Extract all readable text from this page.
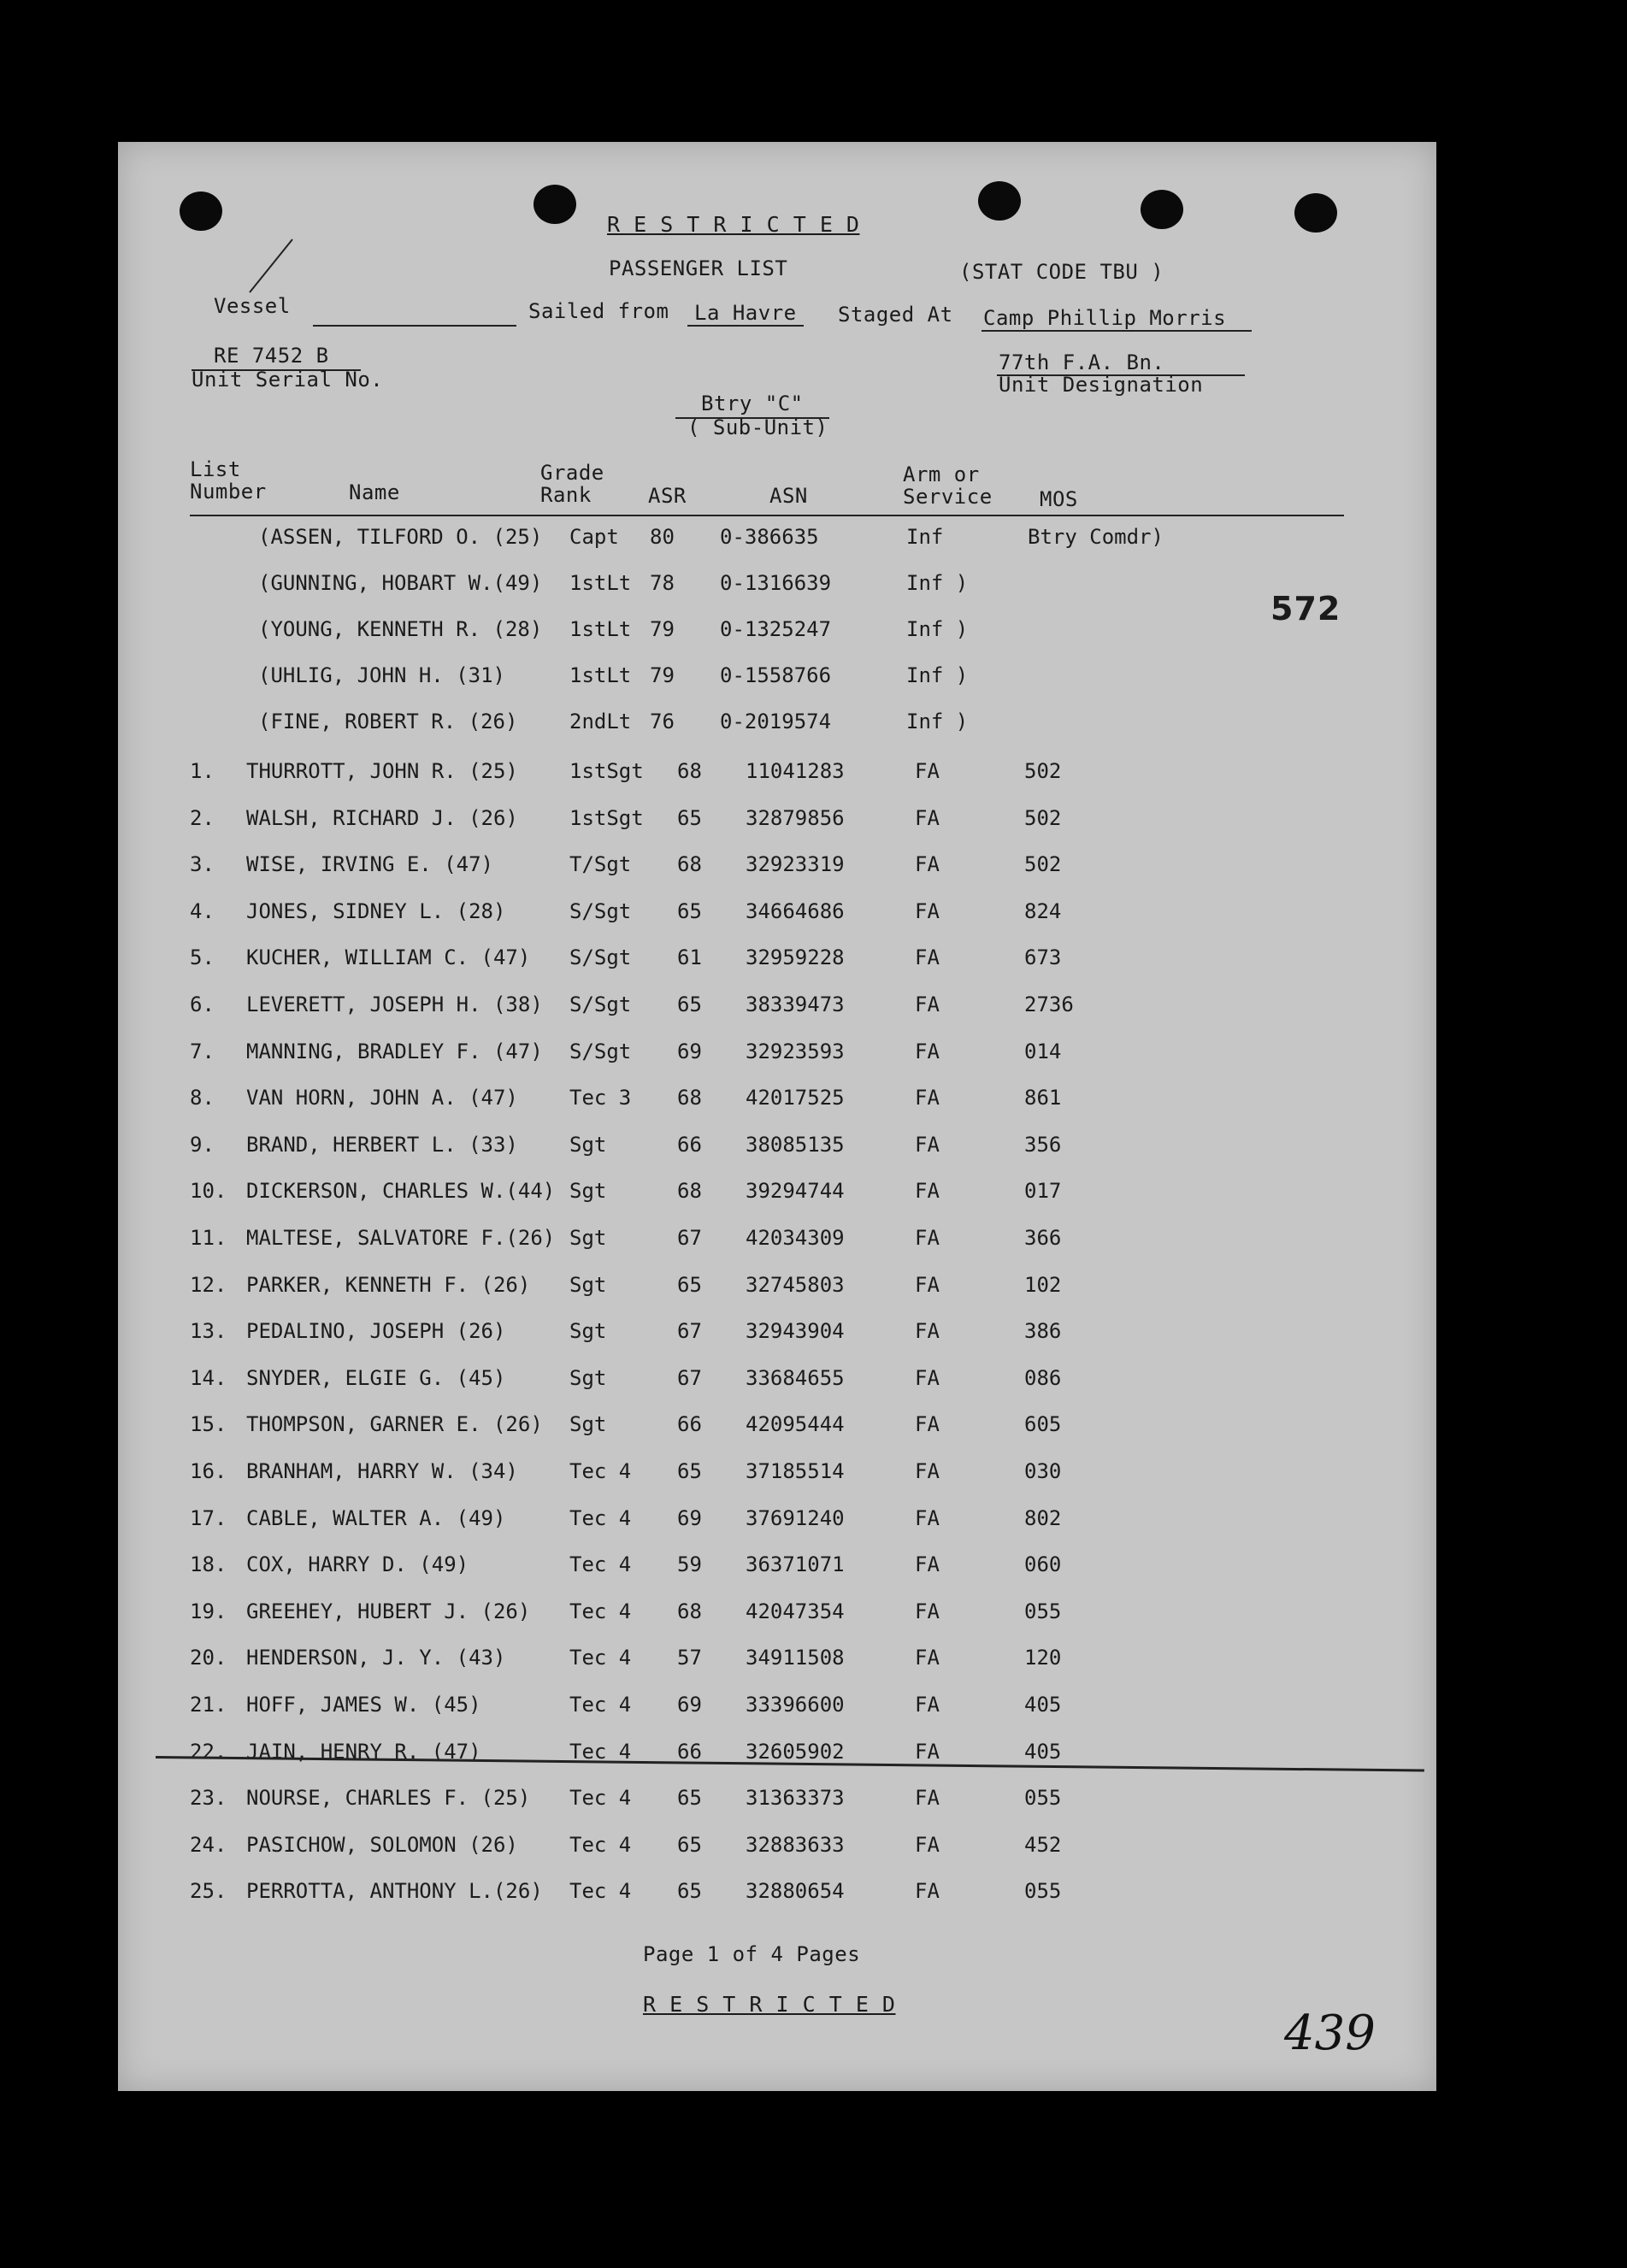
R E S T R I C T E D
PASSENGER LIST	(STAT CODE TBU )
Vessel	Sailed from	La Havre	Staged At Camp Phillip Morris
RE 7452 B
Unit Serial No.
77th F.A. Bn.
Unit Designation
Btry "C"
( Sub-Unit)
572
List
Number	Name
Grade
Rank	ASR	ASN
Arm or
Service MOS
(ASSEN, TILFORD O. (25) Capt 80 0-386635	Inf	Btry Comdr)
(GUNNING, HOBART W.(49) 1stLt 78 0-1316639	Inf )
(YOUNG, KENNETH R. (28) 1stLt 79 0-1325247	Inf )
(UHLIG, JOHN H. (31)	1stLt 79 0-1558766	Inf )
(FINE, ROBERT R. (26)	2ndLt 76 0-2019574	Inf )
1. THURROTT, JOHN R. (25)	1stSgt 68 11041283	FA	502
2. WALSH, RICHARD J. (26)	1stSgt 65 32879856	FA	502
3. WISE, IRVING E. (47)	T/Sgt 68 32923319	FA	502
4. JONES, SIDNEY L. (28)	S/Sgt 65 34664686	FA	824
5. KUCHER, WILLIAM C. (47) S/Sgt 61 32959228	FA	673
6. LEVERETT, JOSEPH H. (38) S/Sgt 65 38339473	FA	2736
7. MANNING, BRADLEY F. (47) S/Sgt 69 32923593	FA	014
8. VAN HORN, JOHN A. (47)	Tec 3 68 42017525	FA	861
9. BRAND, HERBERT L. (33)	Sgt	66 38085135	FA	356
10. DICKERSON, CHARLES W.(44) Sgt	68 39294744	FA	017
11. MALTESE, SALVATORE F.(26) Sgt	67 42034309	FA	366
12. PARKER, KENNETH F. (26) Sgt	65 32745803	FA	102
13. PEDALINO, JOSEPH (26)	Sgt	67 32943904	FA	386
14. SNYDER, ELGIE G. (45)	Sgt	67 33684655	FA	086
15. THOMPSON, GARNER E. (26) Sgt	66 42095444	FA	605
16. BRANHAM, HARRY W. (34)	Tec 4 65 37185514	FA	030
17. CABLE, WALTER A. (49)	Tec 4 69 37691240	FA	802
18. COX, HARRY D. (49)	Tec 4 59 36371071	FA	060
19. GREEHEY, HUBERT J. (26) Tec 4 68 42047354	FA	055
20. HENDERSON, J. Y. (43)	Tec 4 57 34911508	FA	120
21. HOFF, JAMES W. (45)	Tec 4 69 33396600	FA	405
22. JAIN, HENRY R. (47)	Tec 4 66 32605902	FA	405
23. NOURSE, CHARLES F. (25) Tec 4 65 31363373	FA	055
24. PASICHOW, SOLOMON (26)	Tec 4 65 32883633	FA	452
25. PERROTTA, ANTHONY L.(26) Tec 4 65 32880654	FA	055
Page 1 of 4 Pages
R E S T R I C T E D
439
